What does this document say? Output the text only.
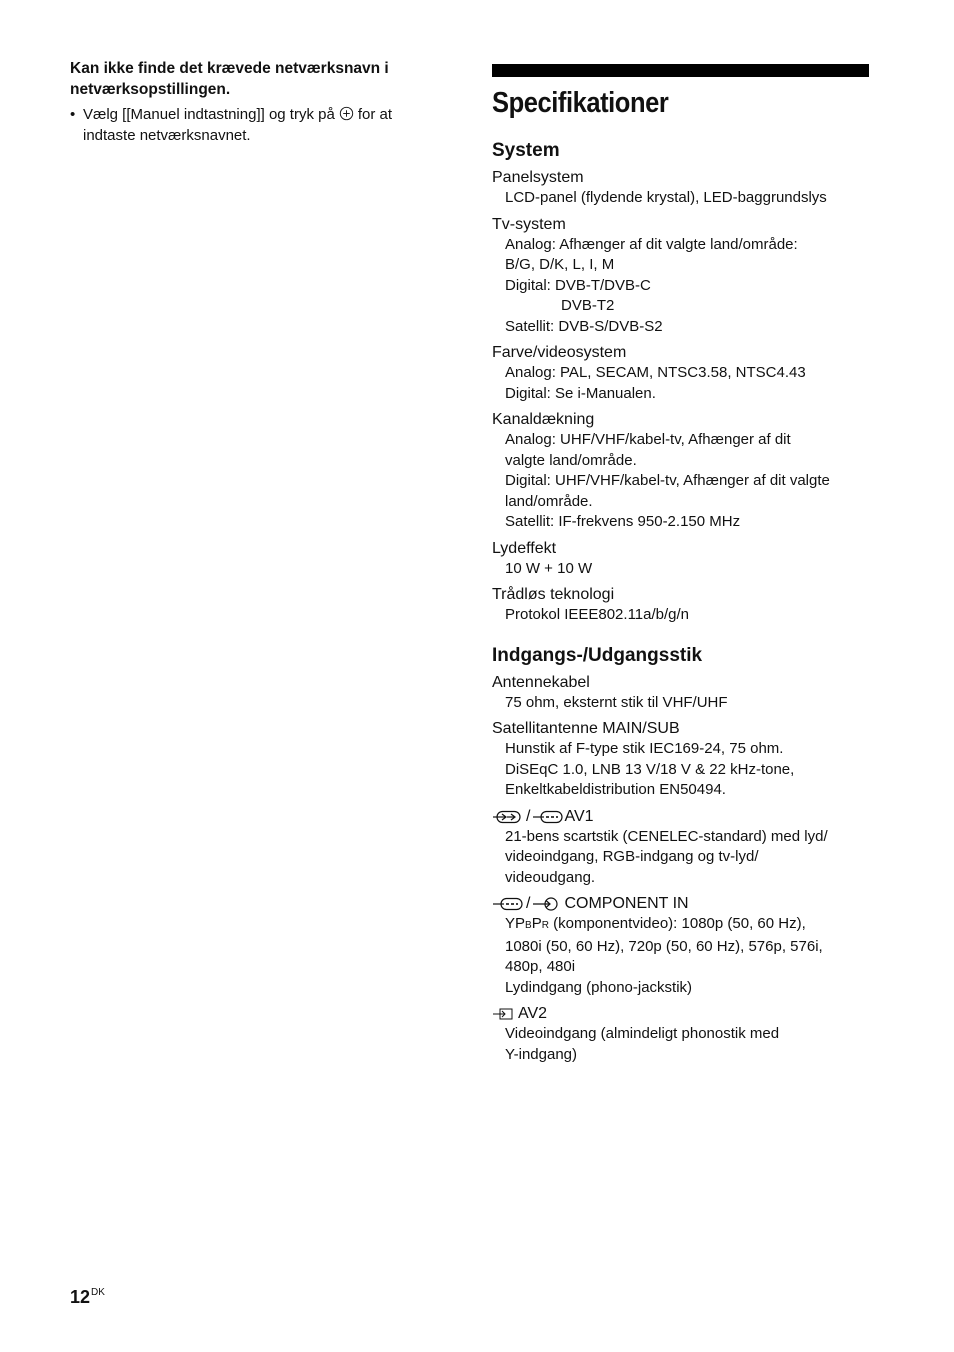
Kan ikke finde det krævede netværksnavn i netværksopstillingen.

• Vælg [[Manuel indtastning]] og tryk på for at
indtaste netværksnavnet.
Specifikationer
System
Panelsystem
LCD-panel (flydende krystal), LED-baggrundslys
Tv-system
Analog: Afhænger af dit valgte land/område:
B/G, D/K, L, I, M
Digital: DVB-T/DVB-C
DVB-T2
Satellit: DVB-S/DVB-S2
Farve/videosystem
Analog: PAL, SECAM, NTSC3.58, NTSC4.43
Digital: Se i-Manualen.
Kanaldækning
Analog: UHF/VHF/kabel-tv, Afhænger af dit
valgte land/område.
Digital: UHF/VHF/kabel-tv, Afhænger af dit valgte
land/område.
Satellit: IF-frekvens 950-2.150 MHz
Lydeffekt
10 W + 10 W
Trådløs teknologi
Protokol IEEE802.11a/b/g/n
Indgangs-/Udgangsstik
Antennekabel
75 ohm, eksternt stik til VHF/UHF
Satellitantenne MAIN/SUB
Hunstik af F-type stik IEC169-24, 75 ohm.
DiSEqC 1.0, LNB 13 V/18 V & 22 kHz-tone,
Enkeltkabeldistribution EN50494.
/ AV1
21-bens scartstik (CENELEC-standard) med lyd/
videoindgang, RGB-indgang og tv-lyd/
videoudgang.
/ COMPONENT IN
YPBPR (komponentvideo): 1080p (50, 60 Hz),
1080i (50, 60 Hz), 720p (50, 60 Hz), 576p, 576i,
480p, 480i
Lydindgang (phono-jackstik)
AV2
Videoindgang (almindeligt phonostik med
Y-indgang)
$12^{DK}$
